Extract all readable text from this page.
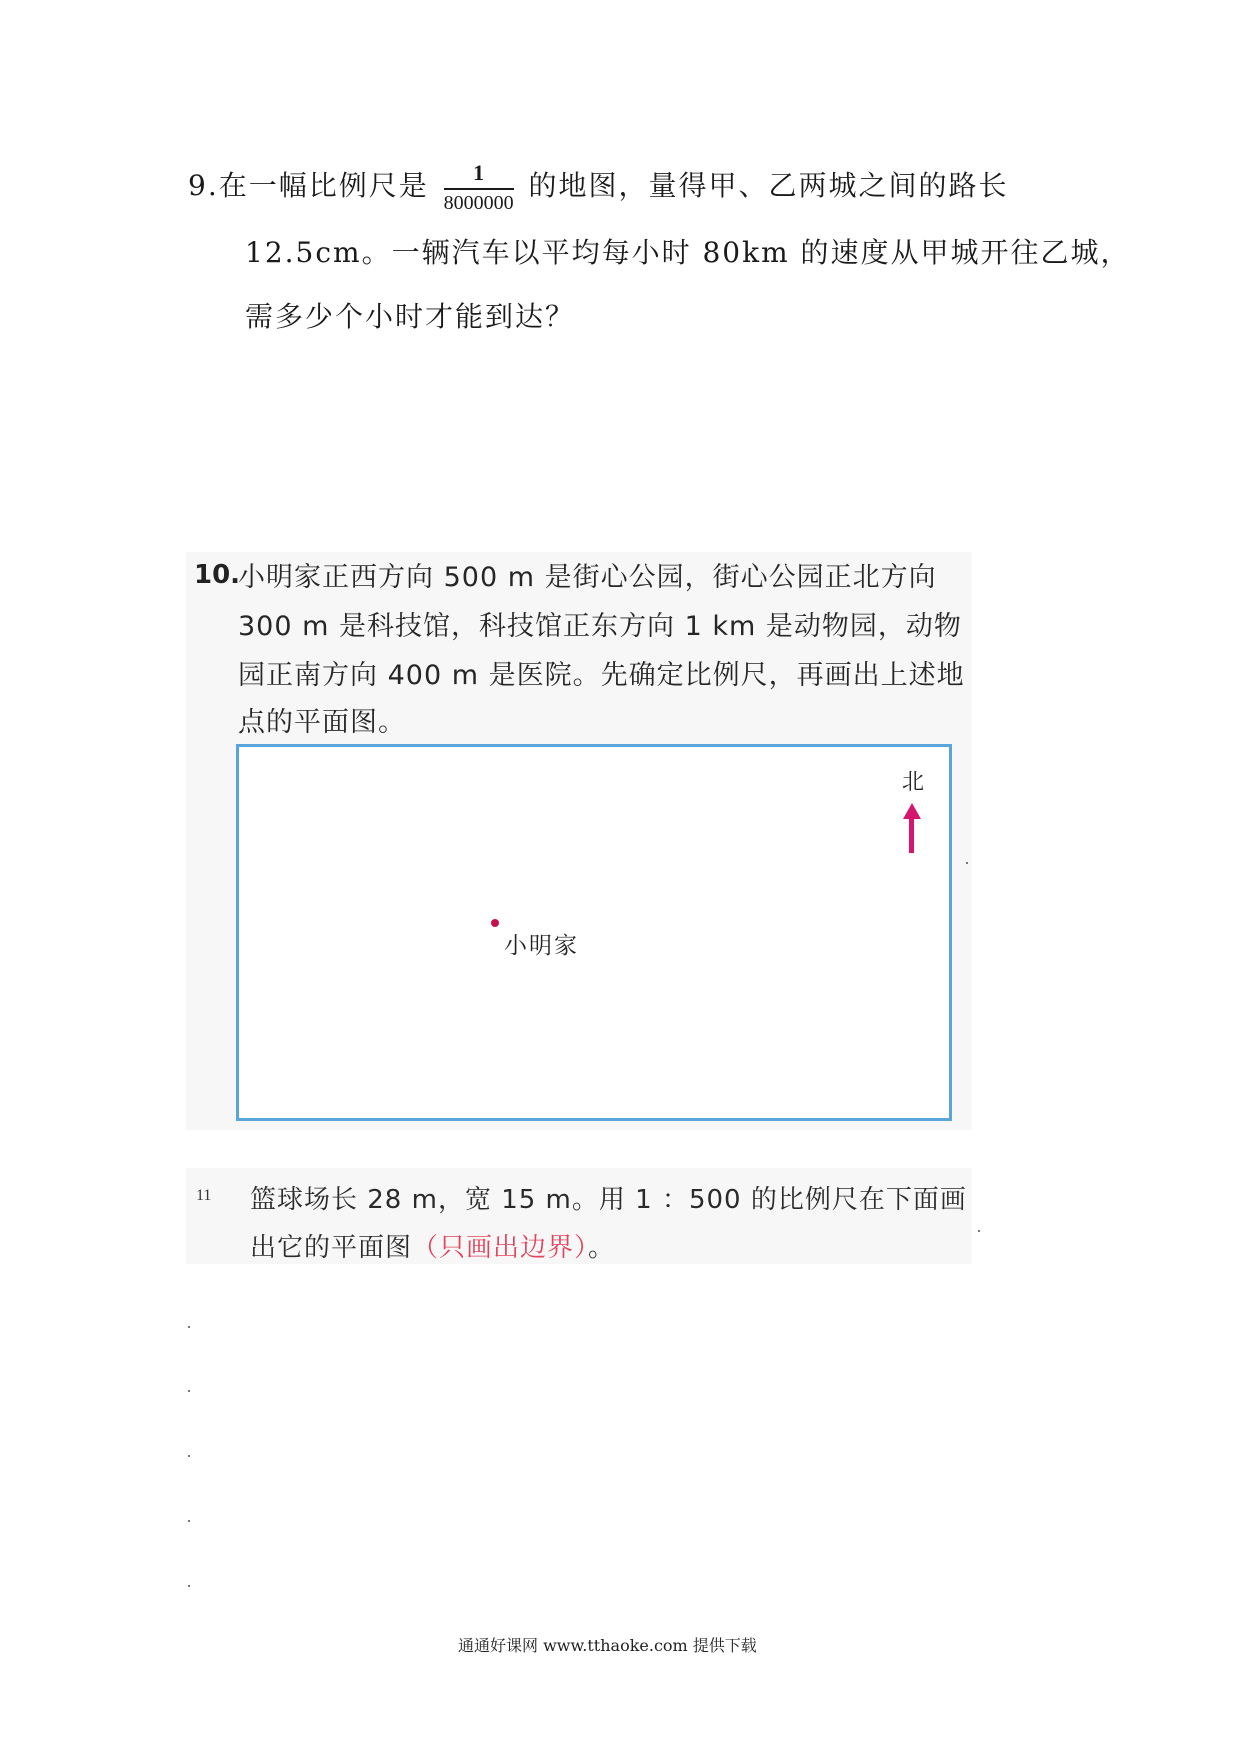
9.在一幅比例尺是 $\frac{1}{8000000}$ 的地图，量得甲、乙两城之间的路长
12.5cm。一辆汽车以平均每小时 80km 的速度从甲城开往乙城，
需多少个小时才能到达？
10.
小明家正西方向 500 m 是街心公园，街心公园正北方向
300 m 是科技馆，科技馆正东方向 1 km 是动物园，动物
园正南方向 400 m 是医院。先确定比例尺，再画出上述地
点的平面图。
北
小明家
11 篮球场长 28 m，宽 15 m。用 1 ：500 的比例尺在下面画
出它的平面图（只画出边界）。
通通好课网 www.tthaoke.com 提供下载
